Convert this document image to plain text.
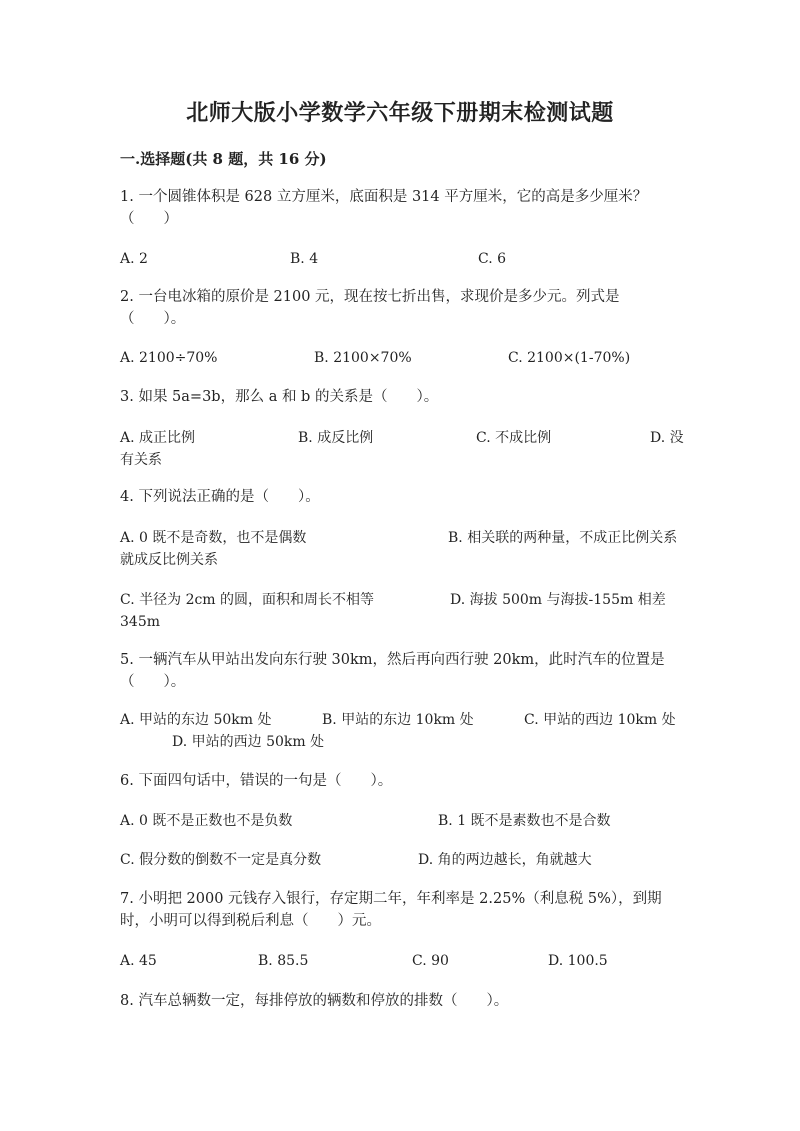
北师大版小学数学六年级下册期末检测试题
一.选择题(共 8 题，共 16 分)
1. 一个圆锥体积是 628 立方厘米，底面积是 314 平方厘米，它的高是多少厘米？（　　）
A. 2	B. 4	C. 6
2. 一台电冰箱的原价是 2100 元，现在按七折出售，求现价是多少元。列式是（　　）。
A. 2100÷70%	B. 2100×70%	C. 2100×(1-70%)
3. 如果 5a=3b，那么 a 和 b 的关系是（　　）。
A. 成正比例	B. 成反比例	C. 不成比例	D. 没有关系
4. 下列说法正确的是（　　）。
A. 0 既不是奇数，也不是偶数	B. 相关联的两种量，不成正比例关系就成反比例关系
C. 半径为 2cm 的圆，面积和周长不相等	D. 海拔 500m 与海拔-155m 相差 345m
5. 一辆汽车从甲站出发向东行驶 30km，然后再向西行驶 20km，此时汽车的位置是（　　）。
A. 甲站的东边 50km 处	B. 甲站的东边 10km 处	C. 甲站的西边 10km 处
D. 甲站的西边 50km 处
6. 下面四句话中，错误的一句是（　　）。
A. 0 既不是正数也不是负数	B. 1 既不是素数也不是合数
C. 假分数的倒数不一定是真分数	D. 角的两边越长，角就越大
7. 小明把 2000 元钱存入银行，存定期二年，年利率是 2.25%（利息税 5%），到期时，小明可以得到税后利息（　　）元。
A. 45	B. 85.5	C. 90	D. 100.5
8. 汽车总辆数一定，每排停放的辆数和停放的排数（　　）。
